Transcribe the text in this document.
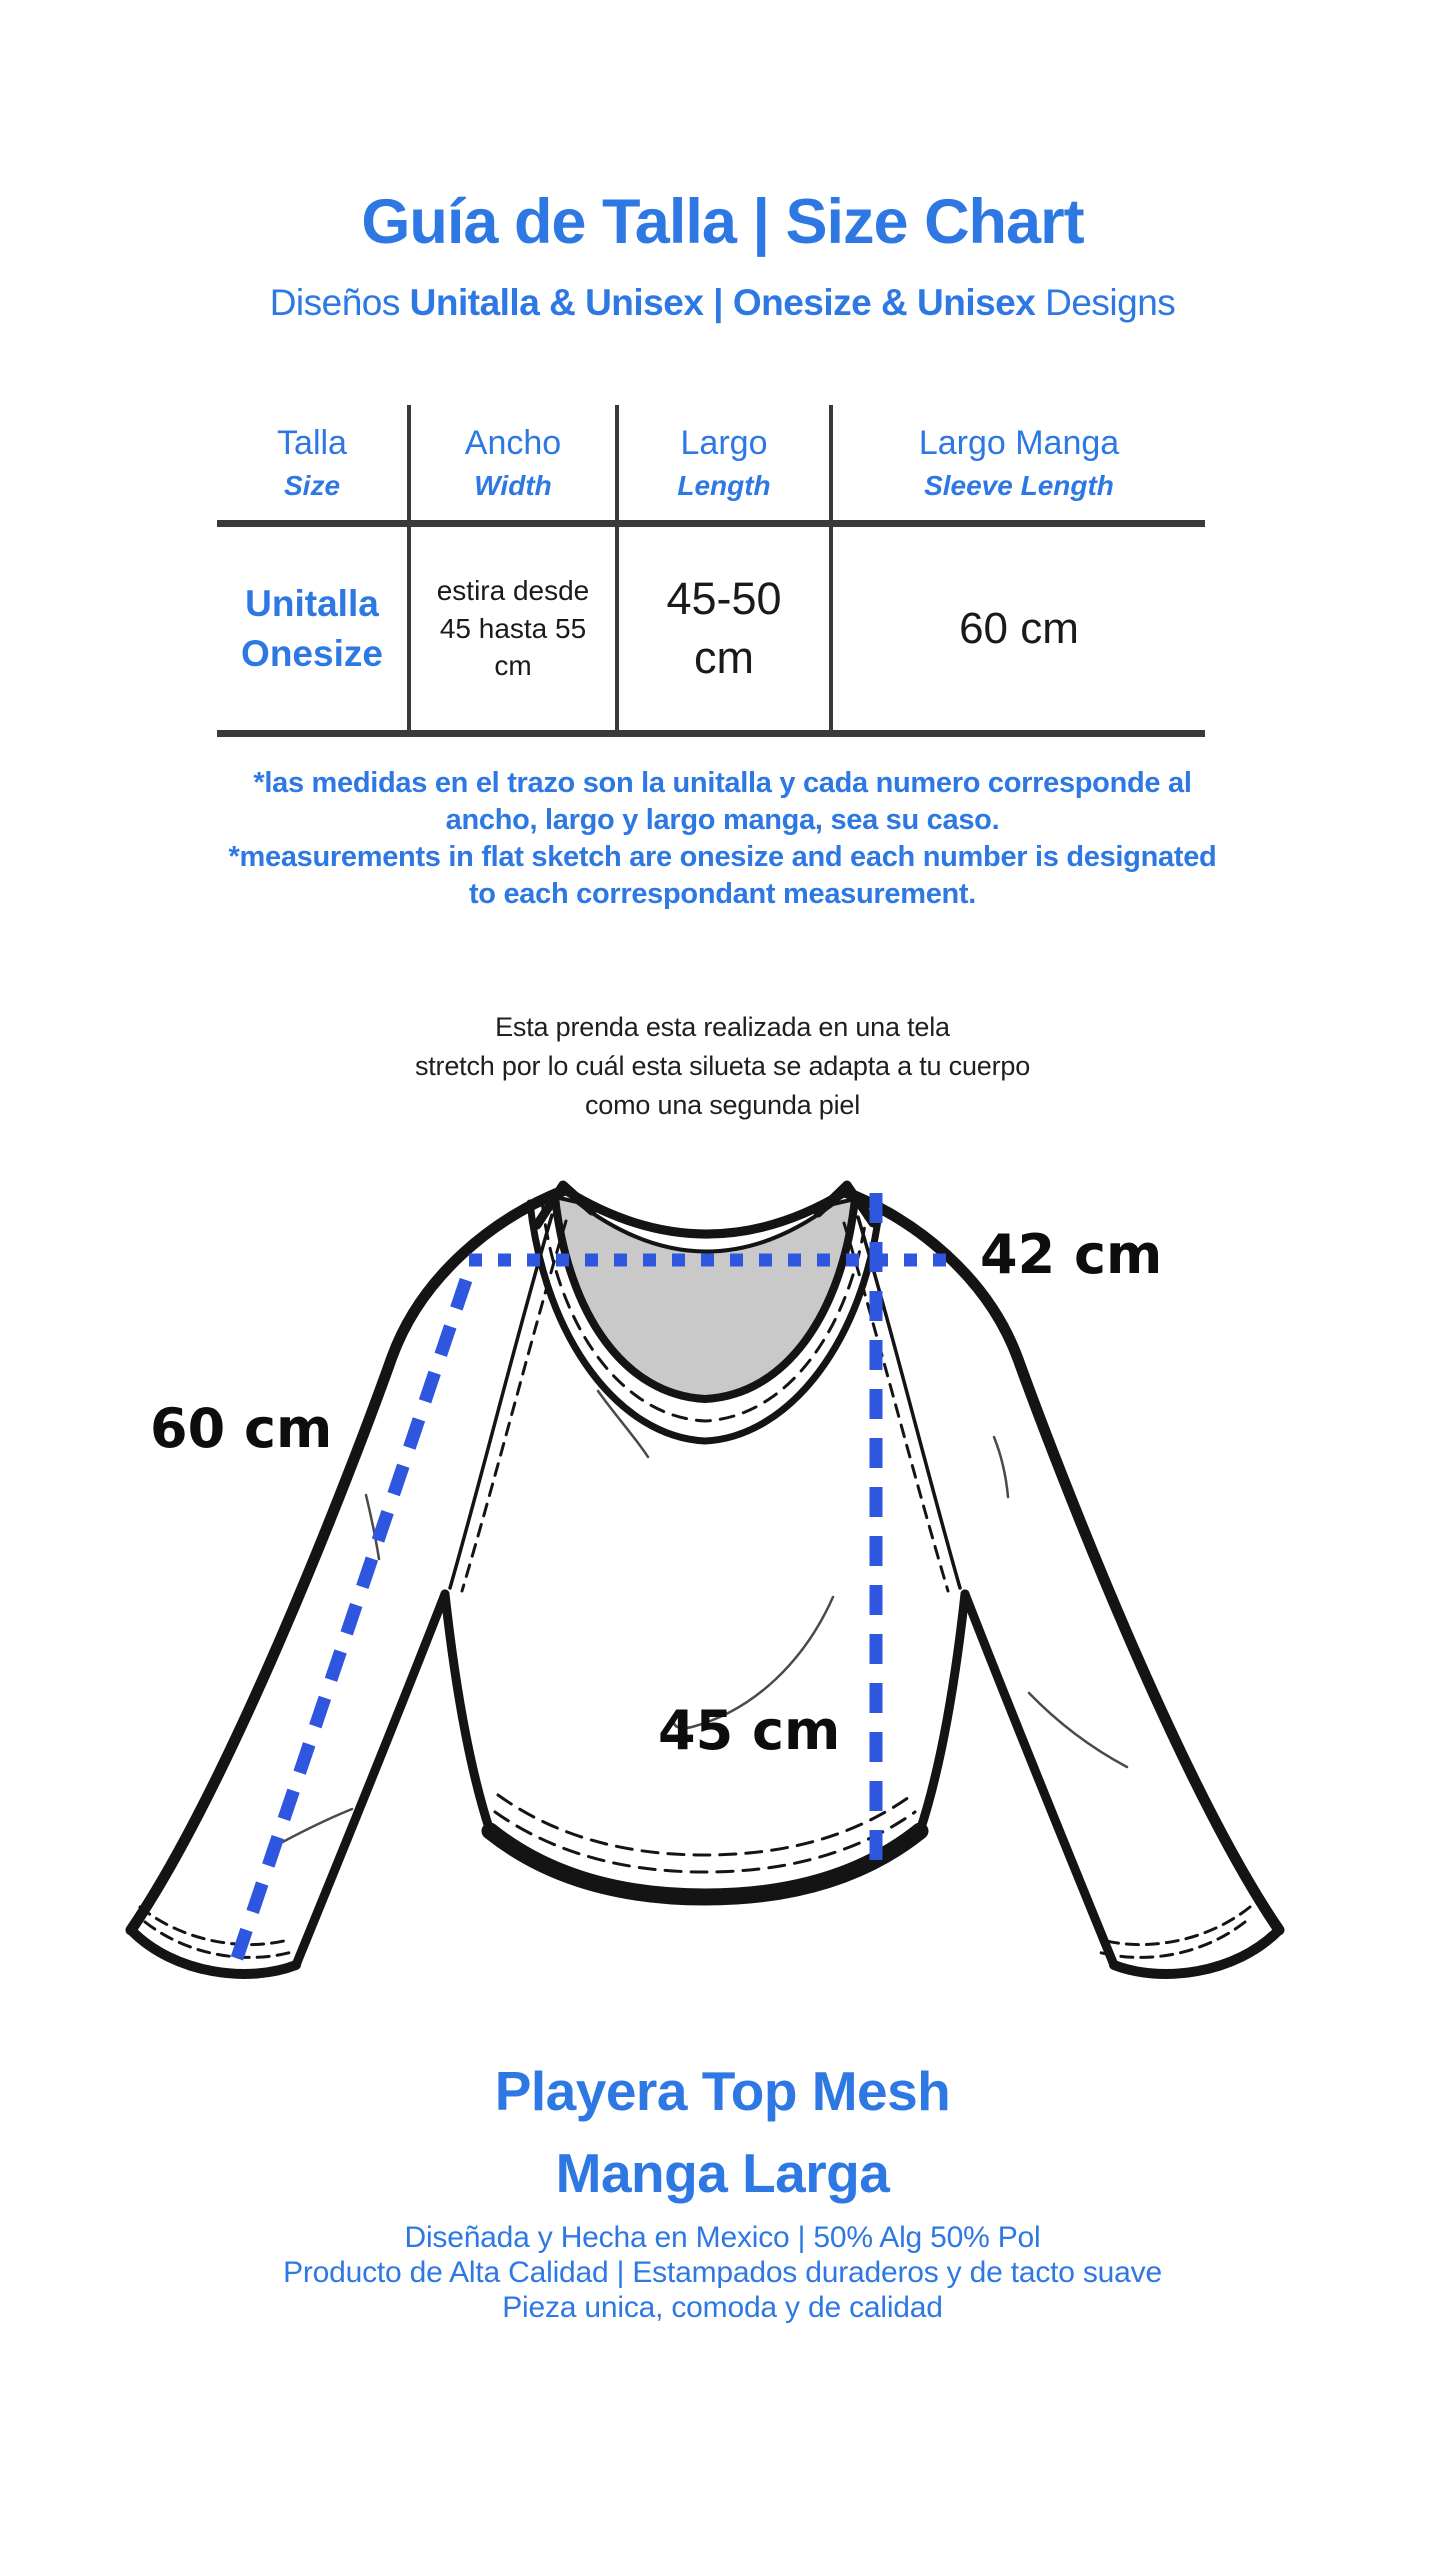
Guía de Talla | Size Chart
Diseños Unitalla & Unisex | Onesize & Unisex Designs
Talla
Size
Ancho
Width
Largo
Length
Largo Manga
Sleeve Length
Unitalla
Onesize
estira desde 45 hasta 55 cm
45-50 cm
60 cm
*las medidas en el trazo son la unitalla y cada numero corresponde al
ancho, largo y largo manga, sea su caso.
*measurements in flat sketch are onesize and each number is designated
to each correspondant measurement.
Esta prenda esta realizada en una tela
stretch por lo cuál esta silueta se adapta a tu cuerpo
como una segunda piel
42 cm
60 cm
45 cm
Playera Top Mesh
Manga Larga
Diseñada y Hecha en Mexico | 50% Alg 50% Pol
Producto de Alta Calidad | Estampados duraderos y de tacto suave
Pieza unica, comoda y de calidad
